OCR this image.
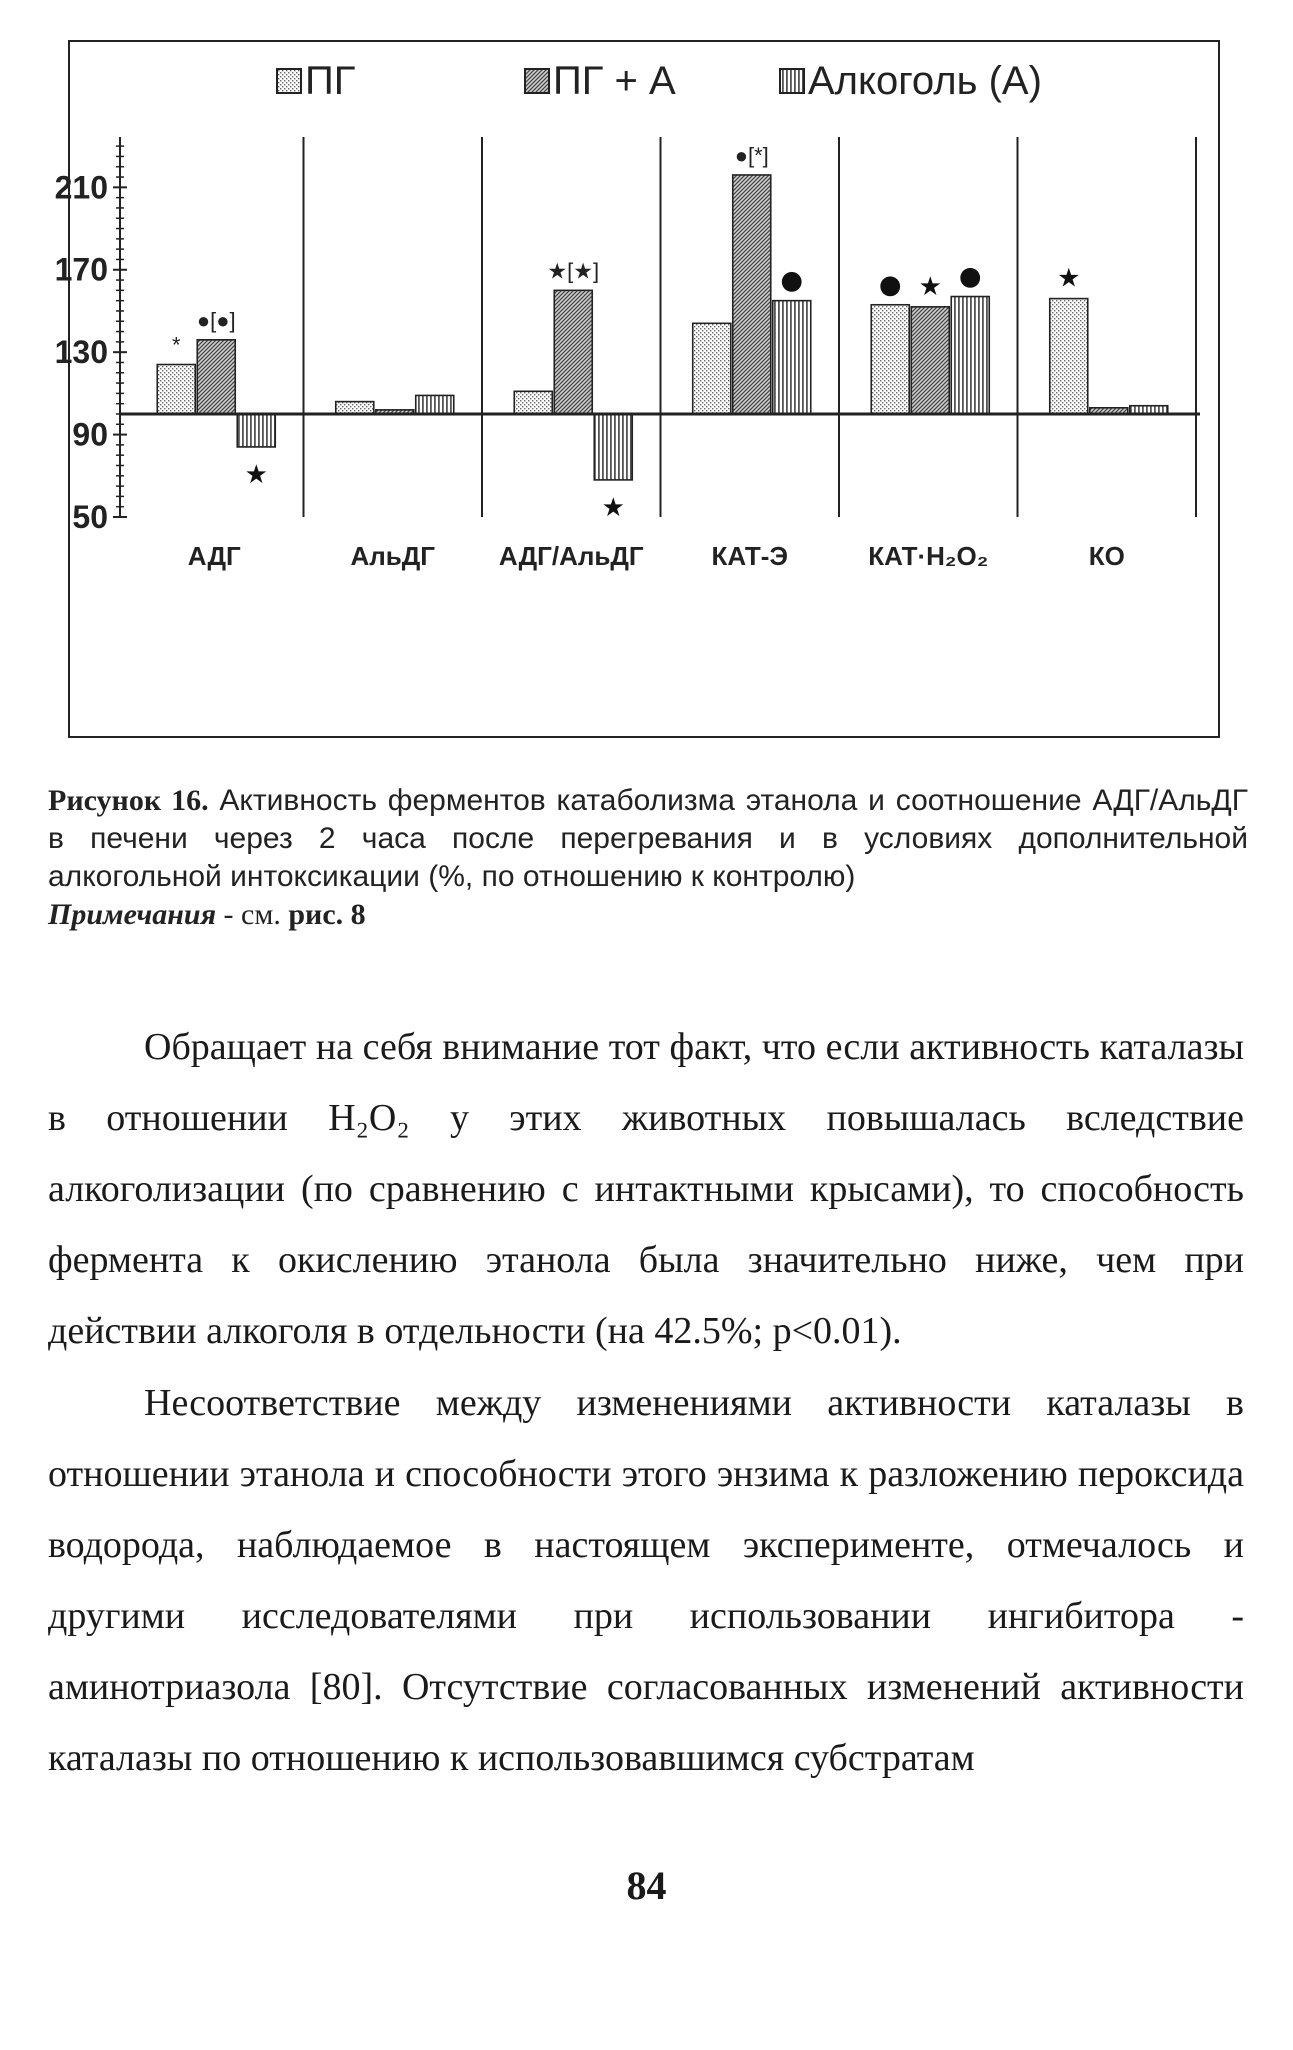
ПГ	ПГ + А	Алкоголь (А)
50
90
130
170
210
*
●[●]
★
★[★]
★
●[*]
●	● ★ ●	★
АДГ	АльДГ АДГ/АльДГ	КАТ-Э	КАТ·H₂O₂	КО
Рисунок 16. Активность ферментов катаболизма этанола и соотношение АДГ/АльДГ в печени через 2 часа после перегревания и в условиях дополнительной алкогольной интоксикации (%, по отношению к контролю)
Примечания - см. рис. 8
Обращает на себя внимание тот факт, что если активность каталазы в отношении H₂O₂ у этих животных повышалась вследствие алкоголизации (по сравнению с интактными крысами), то способность фермента к окислению этанола была значительно ниже, чем при действии алкоголя в отдельности (на 42.5%; p<0.01).
Несоответствие между изменениями активности каталазы в отношении этанола и способности этого энзима к разложению пероксида водорода, наблюдаемое в настоящем эксперименте, отмечалось и другими исследователями при использовании ингибитора - аминотриазола [80]. Отсутствие согласованных изменений активности каталазы по отношению к использовавшимся субстратам
84
